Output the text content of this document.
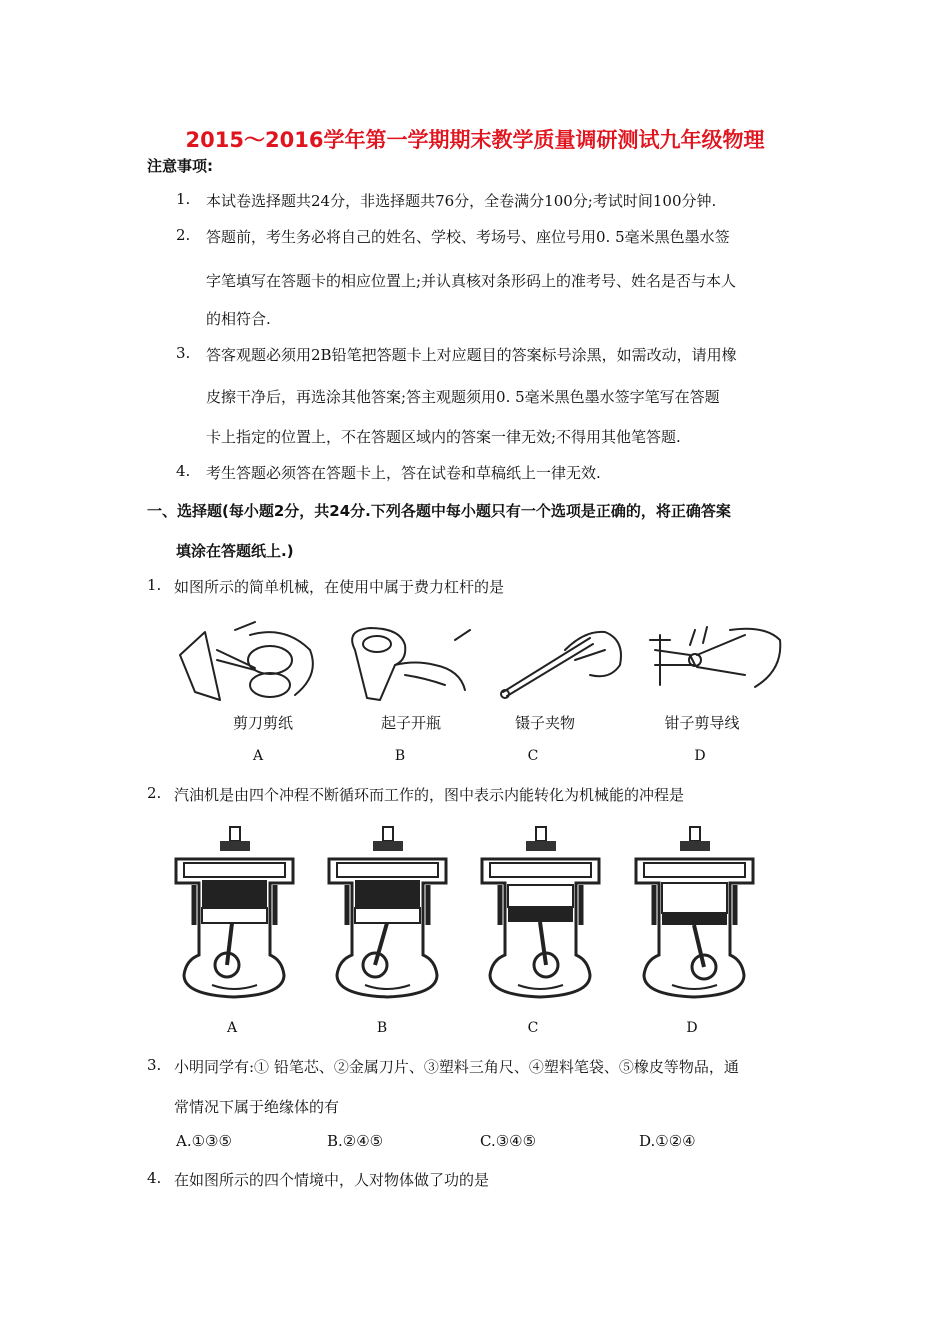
2015～2016学年第一学期期末教学质量调研测试九年级物理
注意事项:
1. 本试卷选择题共24分，非选择题共76分，全卷满分100分;考试时间100分钟.
2. 答题前，考生务必将自己的姓名、学校、考场号、座位号用0. 5毫米黑色墨水签
字笔填写在答题卡的相应位置上;并认真核对条形码上的准考号、姓名是否与本人
的相符合.
3. 答客观题必须用2B铅笔把答题卡上对应题目的答案标号涂黑，如需改动，请用橡
皮擦干净后，再选涂其他答案;答主观题须用0. 5毫米黑色墨水签字笔写在答题
卡上指定的位置上，不在答题区域内的答案一律无效;不得用其他笔答题.
4. 考生答题必须答在答题卡上，答在试卷和草稿纸上一律无效.
一、选择题(每小题2分，共24分.下列各题中每小题只有一个选项是正确的，将正确答案
填涂在答题纸上.)
1. 如图所示的简单机械，在使用中属于费力杠杆的是
剪刀剪纸	起子开瓶	镊子夹物	钳子剪导线
A	B	C	D
2. 汽油机是由四个冲程不断循环而工作的，图中表示内能转化为机械能的冲程是
A	B	C	D
3. 小明同学有:① 铅笔芯、②金属刀片、③塑料三角尺、④塑料笔袋、⑤橡皮等物品，通
常情况下属于绝缘体的有
A.①③⑤	B.②④⑤	C.③④⑤	D.①②④
4. 在如图所示的四个情境中，人对物体做了功的是
